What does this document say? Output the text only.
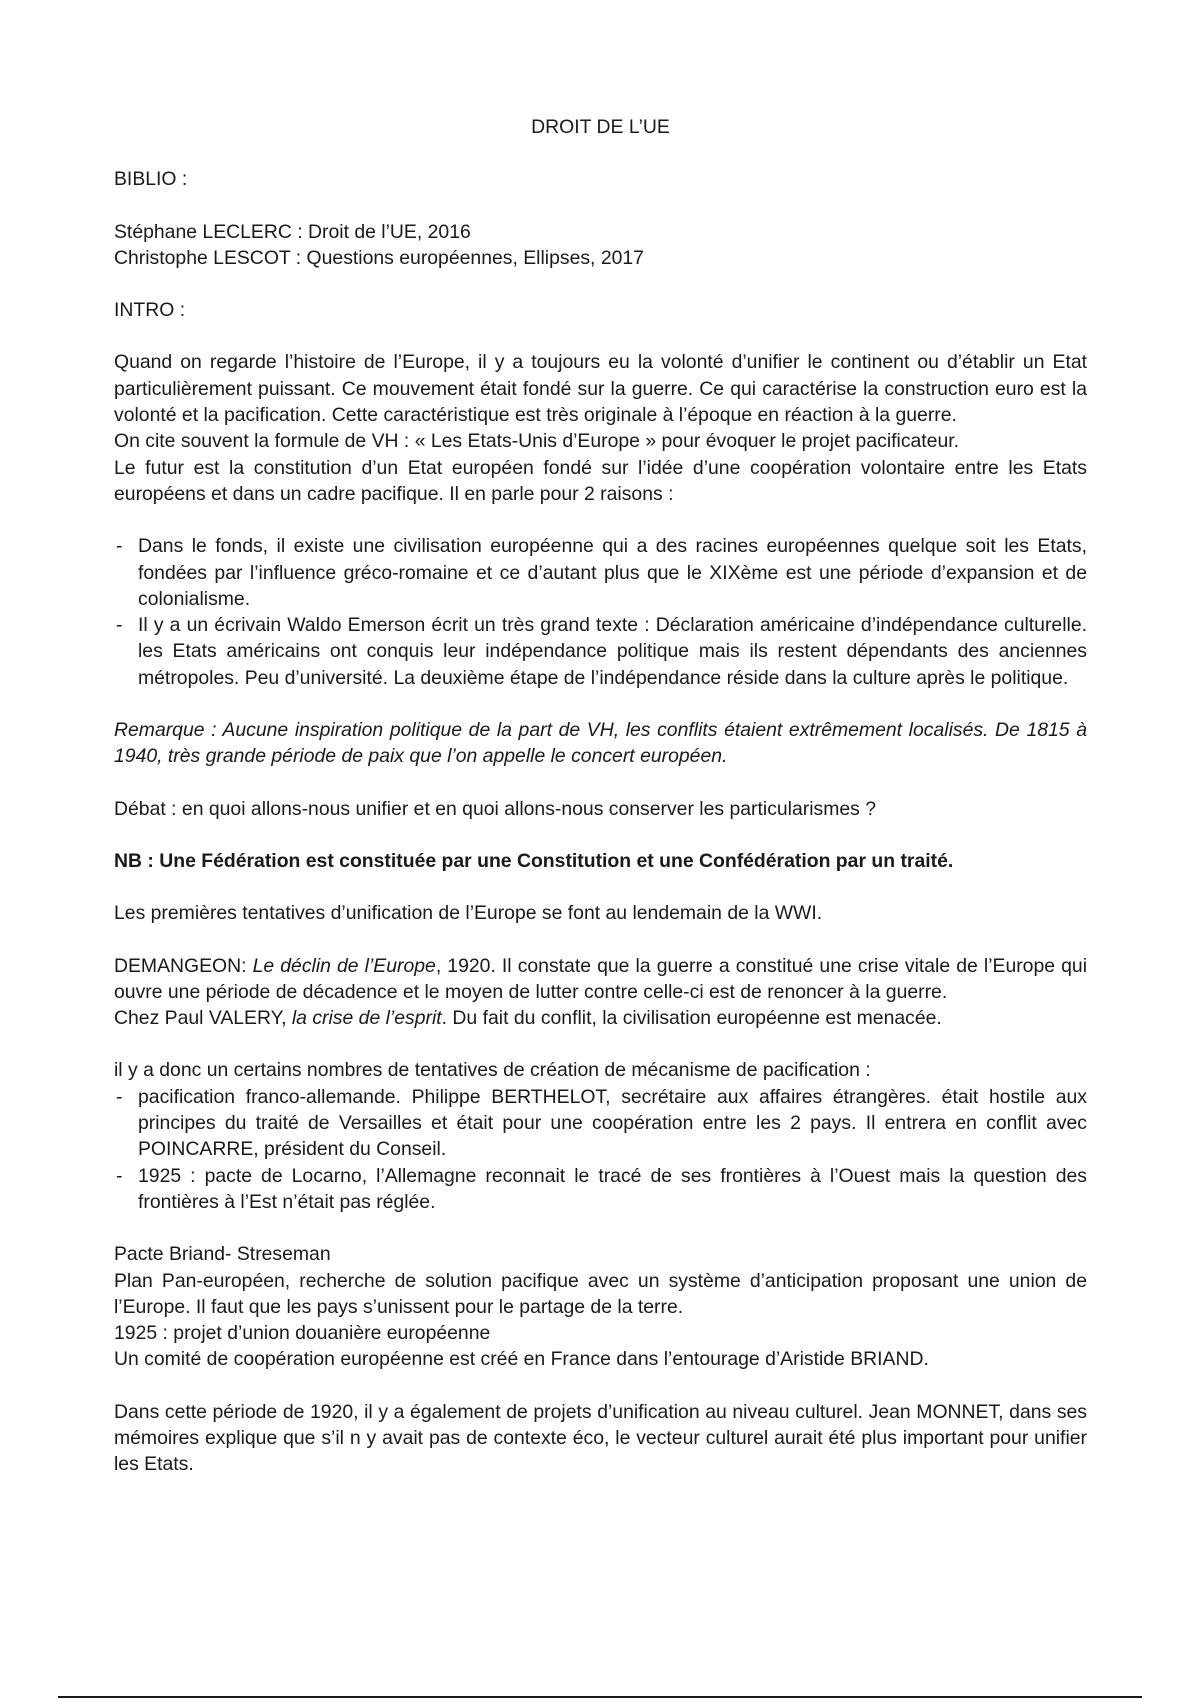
DROIT DE L’UE
BIBLIO :

Stéphane LECLERC : Droit de l’UE, 2016

Christophe LESCOT : Questions européennes, Ellipses, 2017

INTRO :

Quand on regarde l’histoire de l’Europe, il y a toujours eu la volonté d’unifier le continent ou d’établir un Etat particulièrement puissant. Ce mouvement était fondé sur la guerre. Ce qui caractérise la construction euro est la volonté et la pacification. Cette caractéristique est très originale à l’époque en réaction à la guerre.

On cite souvent la formule de VH : « Les Etats-Unis d’Europe » pour évoquer le projet pacificateur.

Le futur est la constitution d’un Etat européen fondé sur l’idée d’une coopération volontaire entre les Etats européens et dans un cadre pacifique. Il en parle pour 2 raisons :

- Dans le fonds, il existe une civilisation européenne qui a des racines européennes quelque soit les Etats, fondées par l’influence gréco-romaine et ce d’autant plus que le XIXème est une période d’expansion et de colonialisme.
- Il y a un écrivain Waldo Emerson écrit un très grand texte : Déclaration américaine d’indépendance culturelle. les Etats américains ont conquis leur indépendance politique mais ils restent dépendants des anciennes métropoles. Peu d’université. La deuxième étape de l’indépendance réside dans la culture après le politique.
Remarque : Aucune inspiration politique de la part de VH, les conflits étaient extrêmement localisés. De 1815 à 1940, très grande période de paix que l’on appelle le concert européen.
Débat : en quoi allons-nous unifier et en quoi allons-nous conserver les particularismes ?
NB : Une Fédération est constituée par une Constitution et une Confédération par un traité.
Les premières tentatives d’unification de l’Europe se font au lendemain de la WWI.

DEMANGEON: Le déclin de l’Europe, 1920. Il constate que la guerre a constitué une crise vitale de l’Europe qui ouvre une période de décadence et le moyen de lutter contre celle-ci est de renoncer à la guerre.

Chez Paul VALERY, la crise de l’esprit. Du fait du conflit, la civilisation européenne est menacée.

il y a donc un certains nombres de tentatives de création de mécanisme de pacification :
- pacification franco-allemande. Philippe BERTHELOT, secrétaire aux affaires étrangères. était hostile aux principes du traité de Versailles et était pour une coopération entre les 2 pays. Il entrera en conflit avec POINCARRE, président du Conseil.
- 1925 : pacte de Locarno, l’Allemagne reconnait le tracé de ses frontières à l’Ouest mais la question des frontières à l’Est n’était pas réglée.

Pacte Briand- Streseman

Plan Pan-européen, recherche de solution pacifique avec un système d’anticipation proposant une union de l’Europe. Il faut que les pays s’unissent pour le partage de la terre.

1925 : projet d’union douanière européenne

Un comité de coopération européenne est créé en France dans l’entourage d’Aristide BRIAND.

Dans cette période de 1920, il y a également de projets d’unification au niveau culturel. Jean MONNET, dans ses mémoires explique que s’il n y avait pas de contexte éco, le vecteur culturel aurait été plus important pour unifier les Etats.
